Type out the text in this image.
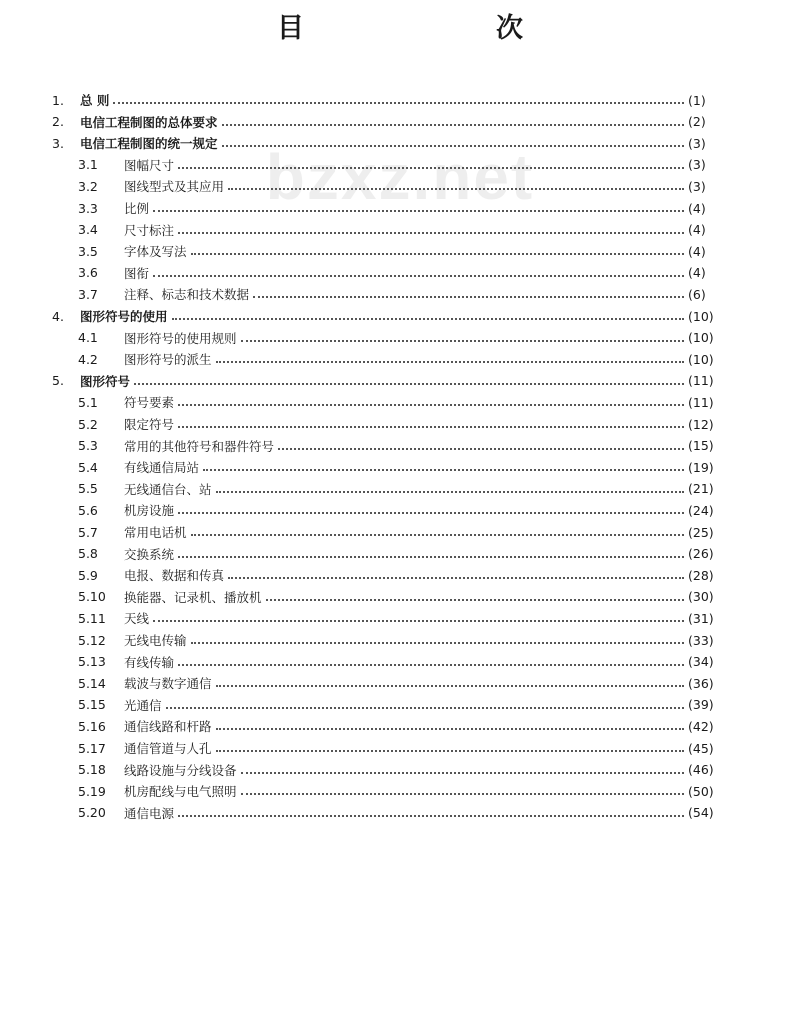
目　　次
bzxz.net
1.	总 则	(1)
2.	电信工程制图的总体要求	(2)
3.	电信工程制图的统一规定	(3)
3.1	图幅尺寸	(3)
3.2	图线型式及其应用	(3)
3.3	比例	(4)
3.4	尺寸标注	(4)
3.5	字体及写法	(4)
3.6	图衔	(4)
3.7	注释、标志和技术数据	(6)
4.	图形符号的使用	(10)
4.1	图形符号的使用规则	(10)
4.2	图形符号的派生	(10)
5.	图形符号	(11)
5.1	符号要素	(11)
5.2	限定符号	(12)
5.3	常用的其他符号和器件符号	(15)
5.4	有线通信局站	(19)
5.5	无线通信台、站	(21)
5.6	机房设施	(24)
5.7	常用电话机	(25)
5.8	交换系统	(26)
5.9	电报、数据和传真	(28)
5.10	换能器、记录机、播放机	(30)
5.11	天线	(31)
5.12	无线电传输	(33)
5.13	有线传输	(34)
5.14	载波与数字通信	(36)
5.15	光通信	(39)
5.16	通信线路和杆路	(42)
5.17	通信管道与人孔	(45)
5.18	线路设施与分线设备	(46)
5.19	机房配线与电气照明	(50)
5.20	通信电源	(54)
